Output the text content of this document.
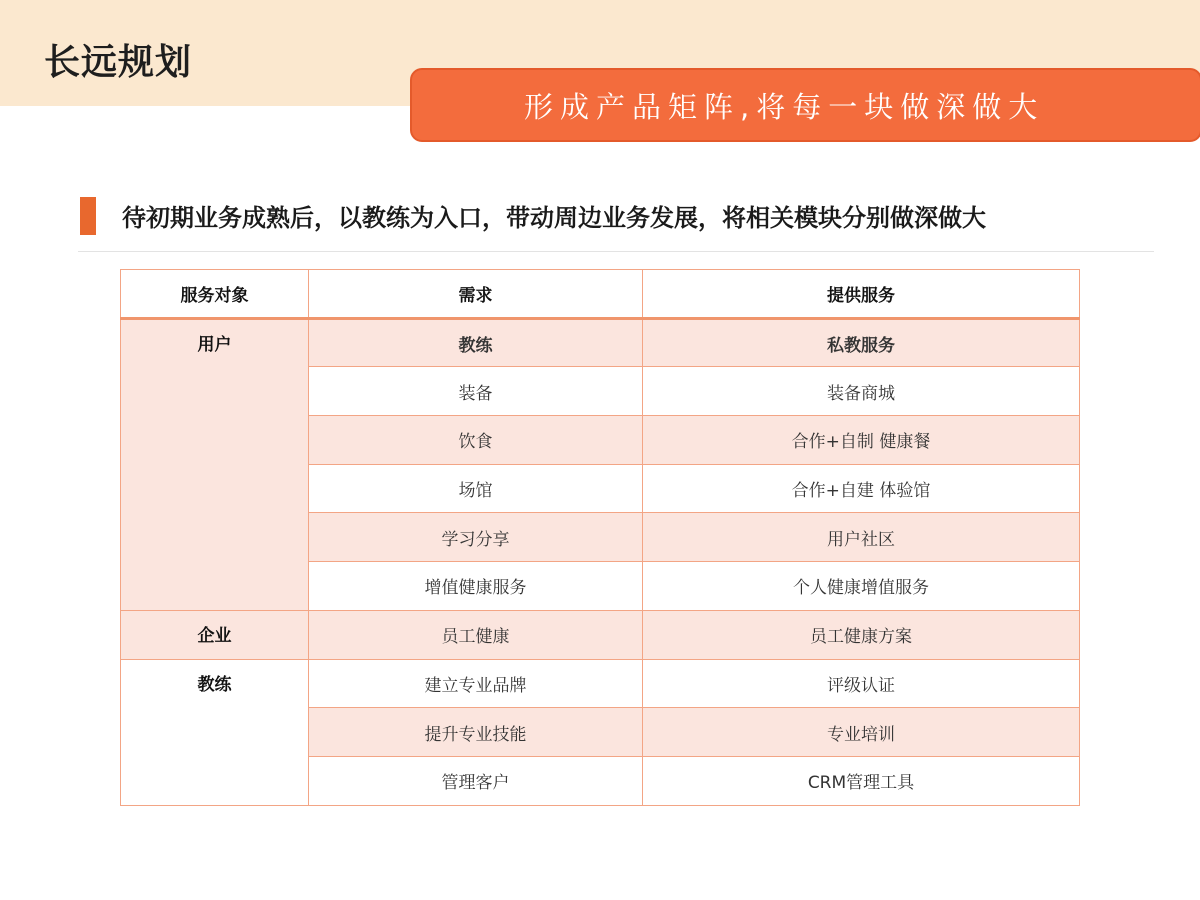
长远规划
形成产品矩阵,将每一块做深做大
待初期业务成熟后，以教练为入口，带动周边业务发展，将相关模块分别做深做大
服务对象	需求	提供服务
用户	教练	私教服务
	装备	装备商城
	饮食	合作+自制 健康餐
	场馆	合作+自建 体验馆
	学习分享	用户社区
	增值健康服务	个人健康增值服务
企业	员工健康	员工健康方案
教练	建立专业品牌	评级认证
	提升专业技能	专业培训
	管理客户	CRM管理工具
